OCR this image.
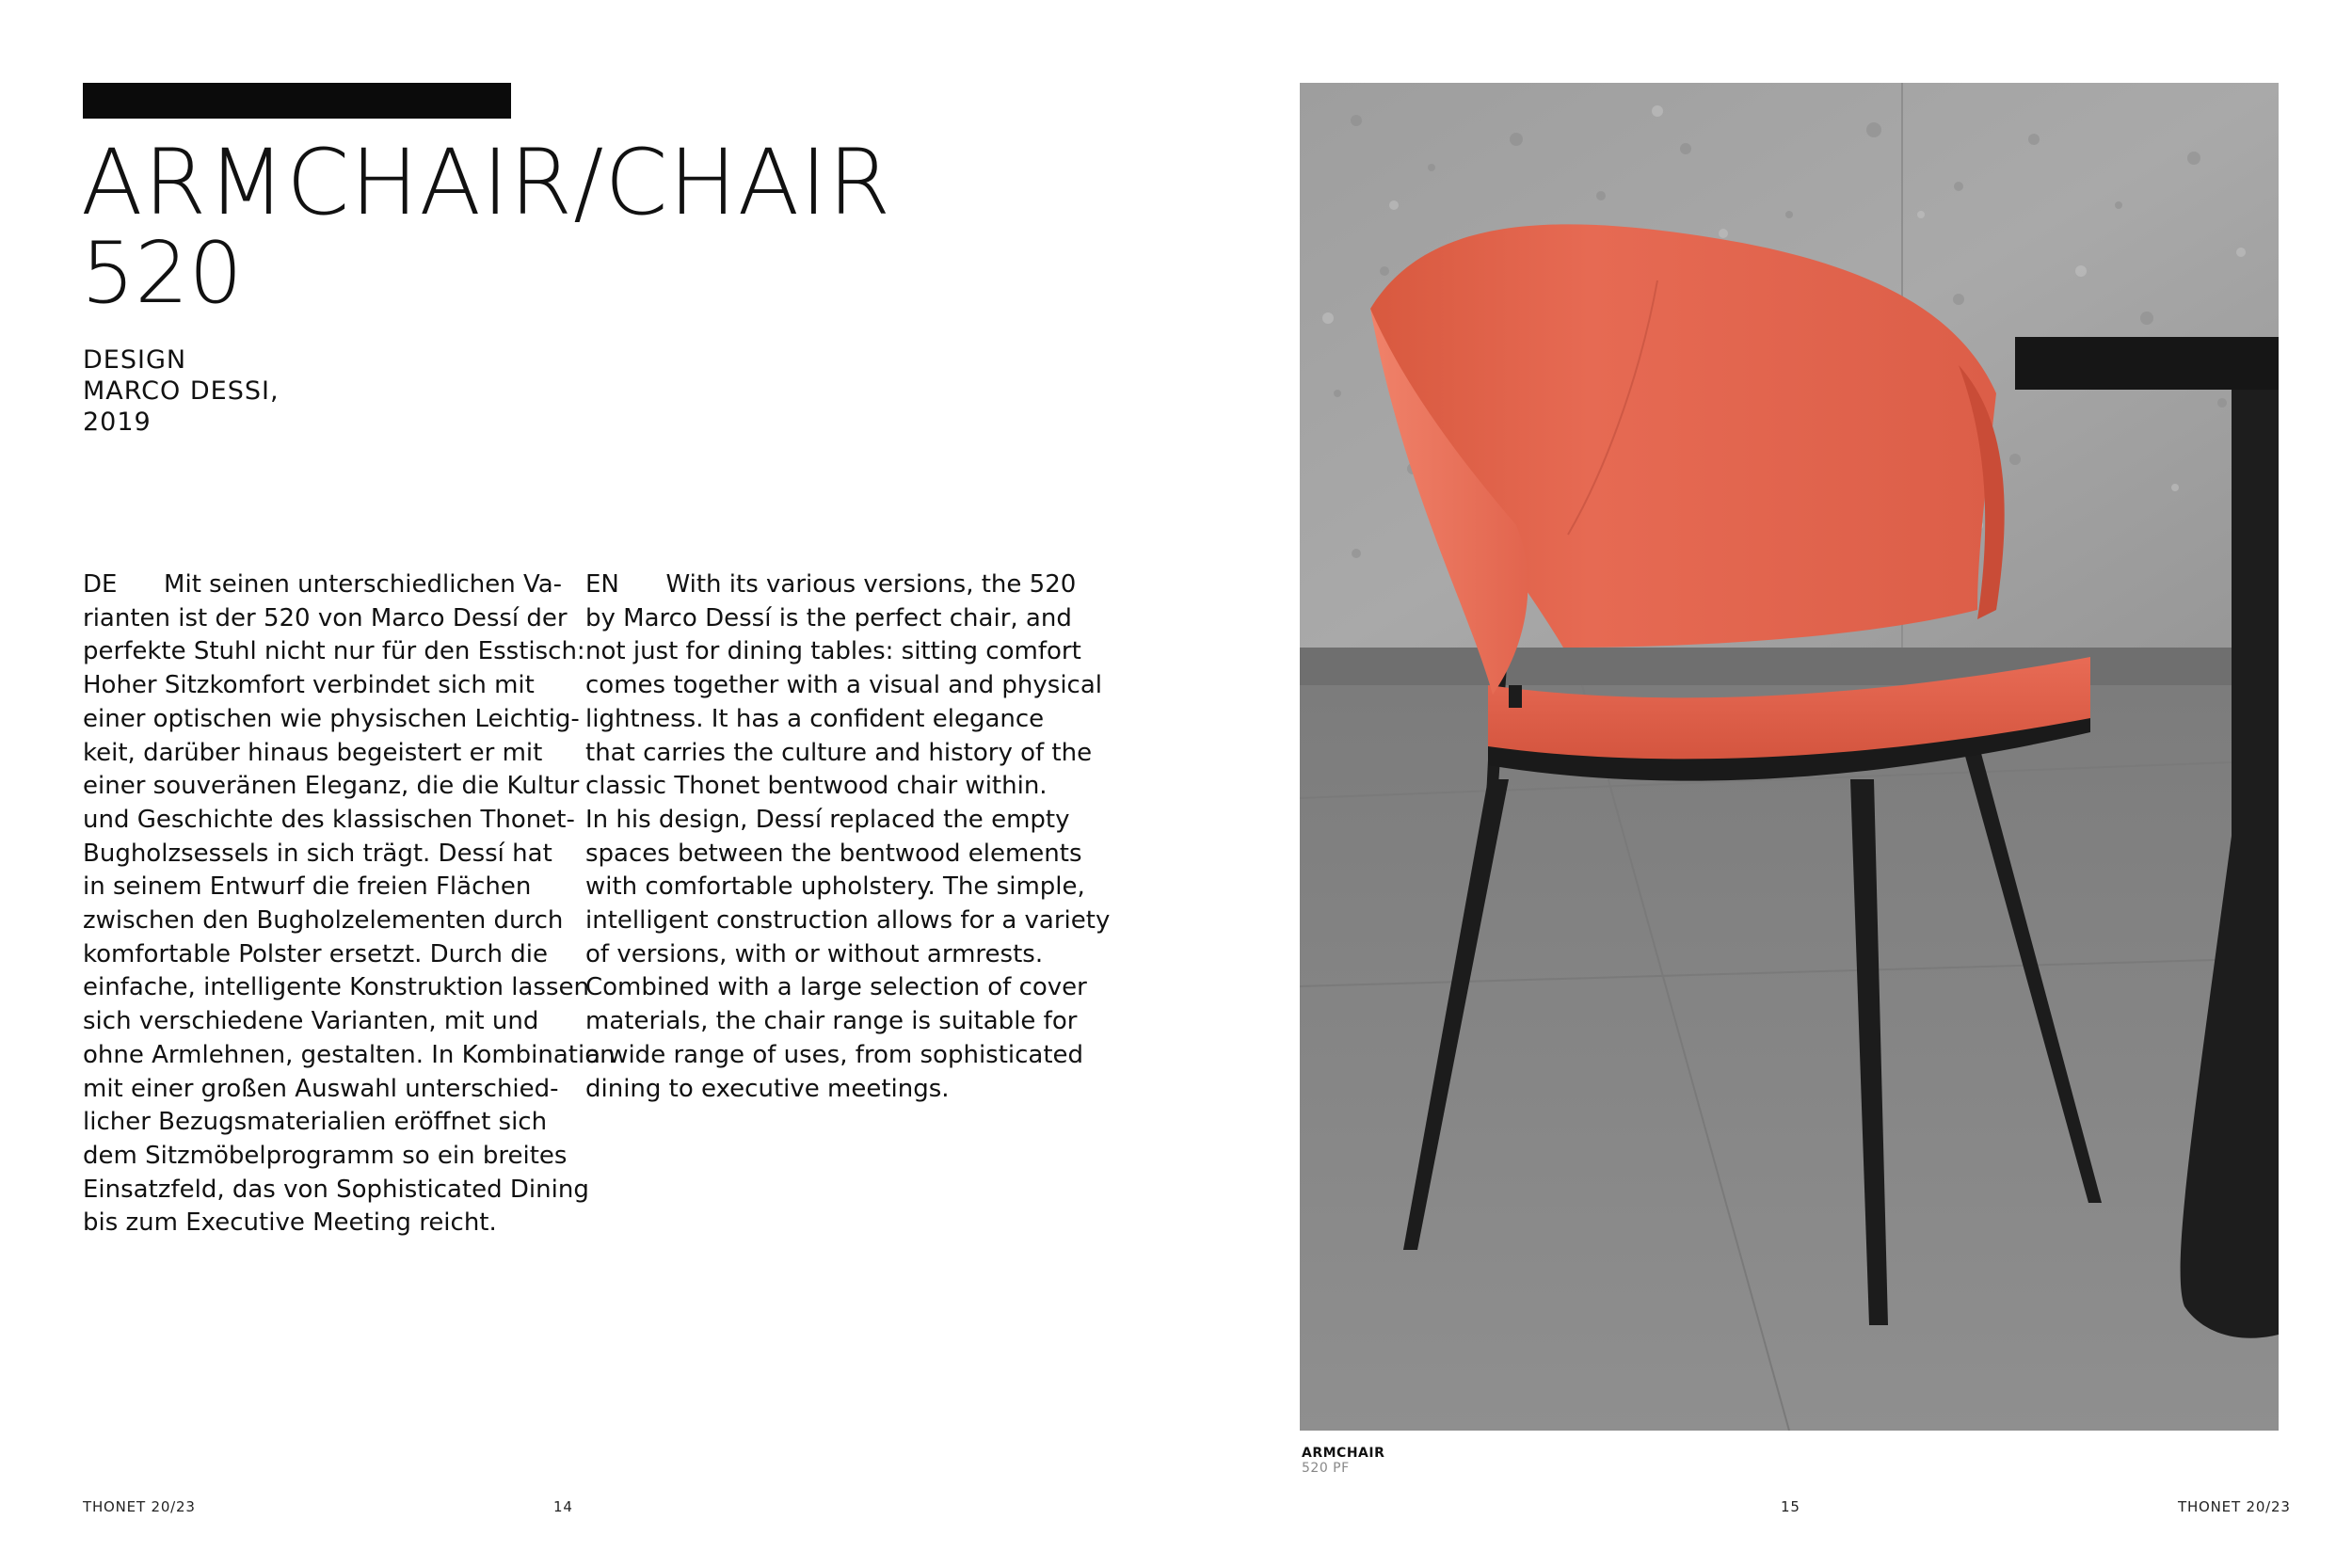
ARMCHAIR/CHAIR
520
DESIGN
MARCO DESSI,
2019
DE      Mit seinen unterschiedlichen Va-
rianten ist der 520 von Marco Dessí der
perfekte Stuhl nicht nur für den Esstisch:
Hoher Sitzkomfort verbindet sich mit
einer optischen wie physischen Leichtig-
keit, darüber hinaus begeistert er mit
einer souveränen Eleganz, die die Kultur
und Geschichte des klassischen Thonet-
Bugholzsessels in sich trägt. Dessí hat
in seinem Entwurf die freien Flächen
zwischen den Bugholzelementen durch
komfortable Polster ersetzt. Durch die
einfache, intelligente Konstruktion lassen
sich verschiedene Varianten, mit und
ohne Armlehnen, gestalten. In Kombination
mit einer großen Auswahl unterschied-
licher Bezugsmaterialien eröffnet sich
dem Sitzmöbelprogramm so ein breites
Einsatzfeld, das von Sophisticated Dining
bis zum Executive Meeting reicht.
EN      With its various versions, the 520
by Marco Dessí is the perfect chair, and
not just for dining tables: sitting comfort
comes together with a visual and physical
lightness. It has a confident elegance
that carries the culture and history of the
classic Thonet bentwood chair within.
In his design, Dessí replaced the empty
spaces between the bentwood elements
with comfortable upholstery. The simple,
intelligent construction allows for a variety
of versions, with or without armrests.
Combined with a large selection of cover
materials, the chair range is suitable for
a wide range of uses, from sophisticated
dining to executive meetings.
ARMCHAIR
520 PF
THONET 20/23	14	15	THONET 20/23
